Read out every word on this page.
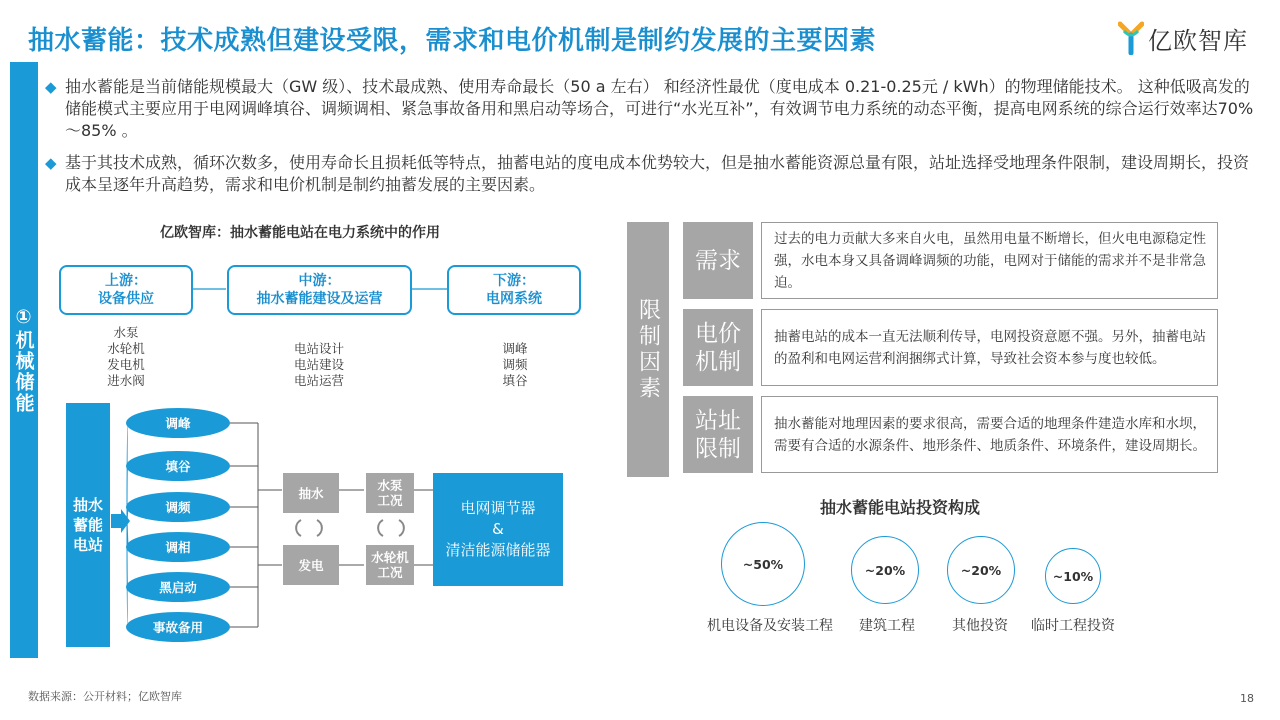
抽水蓄能：技术成熟但建设受限，需求和电价机制是制约发展的主要因素	亿欧智库
①机械储能
◆ 抽水蓄能是当前储能规模最大（GW 级）、技术最成熟、使用寿命最长（50 a 左右） 和经济性最优（度电成本 0.21-0.25元 / kWh）的物理储能技术。 这种低吸高发的储能模式主要应用于电网调峰填谷、调频调相、紧急事故备用和黑启动等场合，可进行“水光互补”，有效调节电力系统的动态平衡，提高电网系统的综合运行效率达70%～85% 。
◆ 基于其技术成熟，循环次数多，使用寿命长且损耗低等特点，抽蓄电站的度电成本优势较大，但是抽水蓄能资源总量有限，站址选择受地理条件限制，建设周期长，投资成本呈逐年升高趋势，需求和电价机制是制约抽蓄发展的主要因素。
亿欧智库：抽水蓄能电站在电力系统中的作用
上游：
设备供应
中游：
抽水蓄能建设及运营
下游：
电网系统
水泵
水轮机
发电机
进水阀
电站设计
电站建设
电站运营
调峰
调频
填谷
抽水蓄能电站
调峰
填谷
调频
调相
黑启动
事故备用
抽水
发电
水泵工况
水轮机工况
电网调节器
&
清洁能源储能器
限制因素
需求
过去的电力贡献大多来自火电，虽然用电量不断增长，但火电电源稳定性强，水电本身又具备调峰调频的功能，电网对于储能的需求并不是非常急迫。
电价机制
抽蓄电站的成本一直无法顺利传导，电网投资意愿不强。另外，抽蓄电站的盈利和电网运营利润捆绑式计算，导致社会资本参与度也较低。
站址限制
抽水蓄能对地理因素的要求很高，需要合适的地理条件建造水库和水坝，需要有合适的水源条件、地形条件、地质条件、环境条件，建设周期长。
抽水蓄能电站投资构成
~50%	~20%	~20%	~10%
机电设备及安装工程	建筑工程	其他投资	临时工程投资
数据来源：公开材料；亿欧智库	18
